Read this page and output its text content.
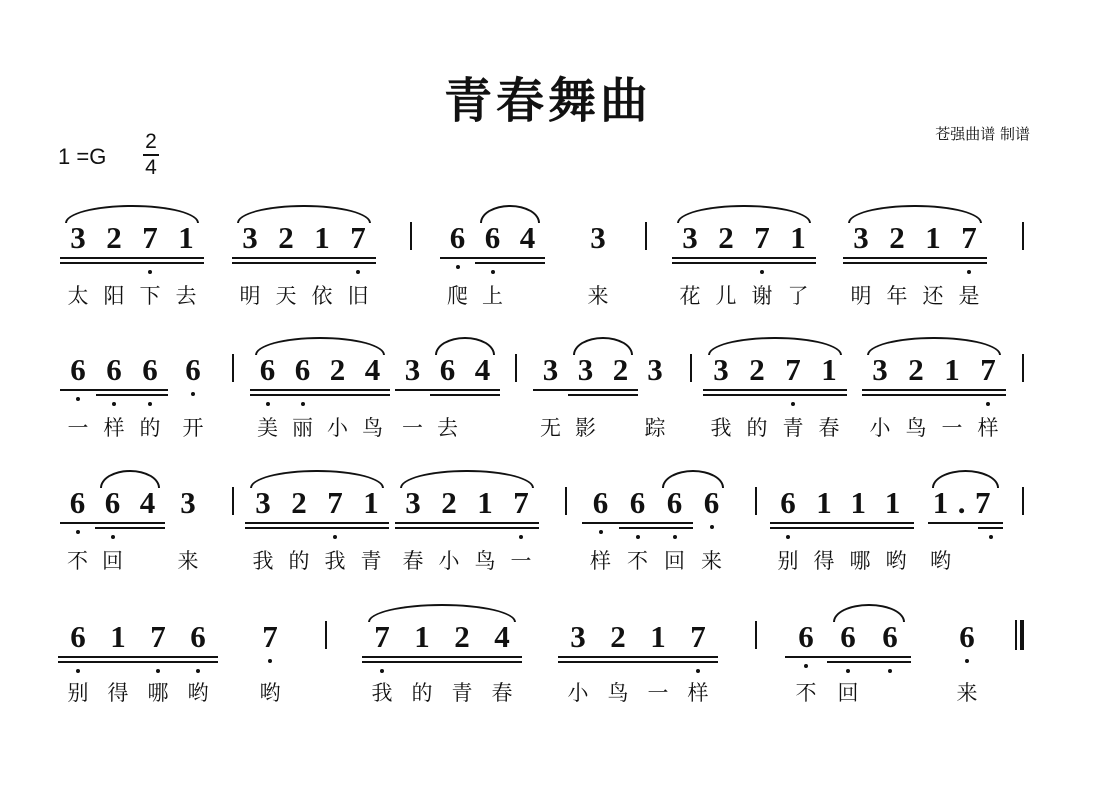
青春舞曲
苍强曲谱 制谱
1 =G
2
4
3271
太 阳 下 去
3217
明 天 依 旧
664
爬 上
3
来
3271
花 儿 谢 了
3217
明 年 还 是
666
一 样 的
6
开
6624
美 丽 小 鸟
364
一 去
332
无 影
3
踪
3271
我 的 青 春
3217
小 鸟 一 样
664
不 回
3
来
3271
我 的 我 青
3217
春 小 鸟 一
6666
样 不 回 来
6111
别 得 哪 哟
1.7
哟
6176
别 得 哪 哟
7
哟
7124
我 的 青 春
3217
小 鸟 一 样
666
不	回
6
来
